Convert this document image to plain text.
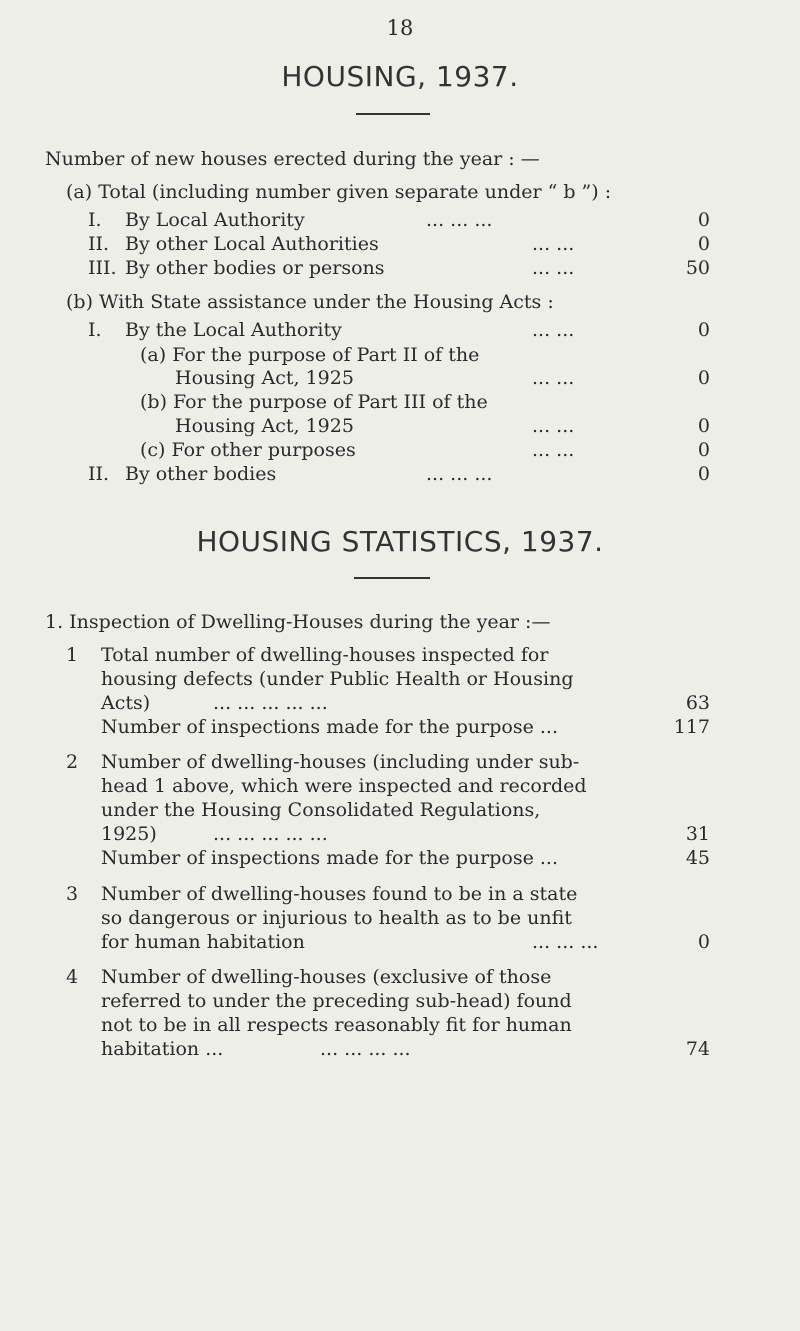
18
HOUSING, 1937.
Number of new houses erected during the year : —
(a) Total (including number given separate under “ b ”) :
I. By Local Authority	... ... ...	0
II. By other Local Authorities	... ...	0
III. By other bodies or persons	... ...	50
(b) With State assistance under the Housing Acts :
I. By the Local Authority	... ...	0
(a) For the purpose of Part II of the
Housing Act, 1925	... ...	0
(b) For the purpose of Part III of the
Housing Act, 1925	... ...	0
(c) For other purposes	... ...	0
II. By other bodies	... ... ...	0
HOUSING STATISTICS, 1937.
1. Inspection of Dwelling-Houses during the year :—
1 Total number of dwelling-houses inspected for
housing defects (under Public Health or Housing
Acts)	... ... ... ... ...	63
Number of inspections made for the purpose ...	117
2 Number of dwelling-houses (including under sub-
head 1 above, which were inspected and recorded
under the Housing Consolidated Regulations,
1925)	... ... ... ... ...	31
Number of inspections made for the purpose ...	45
3 Number of dwelling-houses found to be in a state
so dangerous or injurious to health as to be unfit
for human habitation	... ... ...	0
4 Number of dwelling-houses (exclusive of those
referred to under the preceding sub-head) found
not to be in all respects reasonably fit for human
habitation ...	... ... ... ...	74
